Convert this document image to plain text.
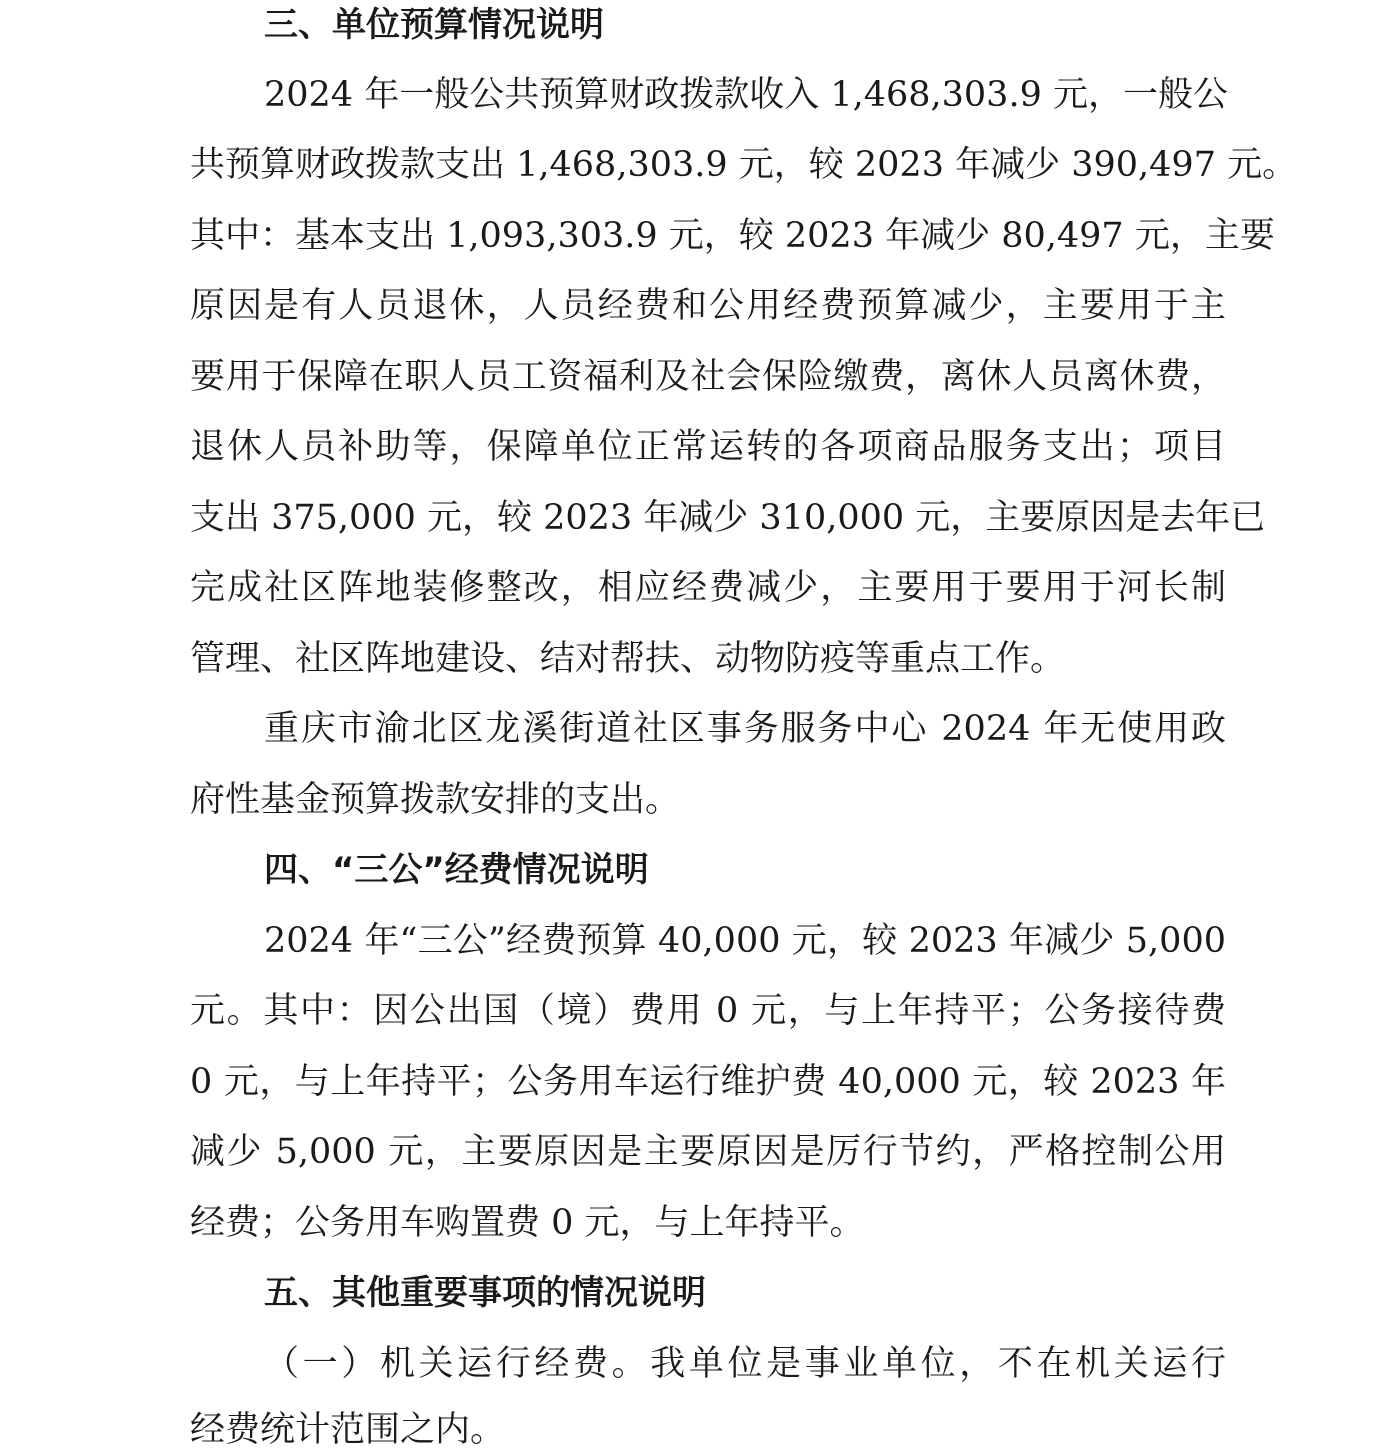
三、单位预算情况说明
2024 年一般公共预算财政拨款收入 1,468,303.9 元，一般公
共预算财政拨款支出 1,468,303.9 元，较 2023 年减少 390,497 元。
其中：基本支出 1,093,303.9 元，较 2023 年减少 80,497 元，主要
原因是有人员退休，人员经费和公用经费预算减少，主要用于主
要用于保障在职人员工资福利及社会保险缴费，离休人员离休费，
退休人员补助等，保障单位正常运转的各项商品服务支出；项目
支出 375,000 元，较 2023 年减少 310,000 元，主要原因是去年已
完成社区阵地装修整改，相应经费减少，主要用于要用于河长制
管理、社区阵地建设、结对帮扶、动物防疫等重点工作。
重庆市渝北区龙溪街道社区事务服务中心 2024 年无使用政
府性基金预算拨款安排的支出。
四、“三公”经费情况说明
2024 年“三公”经费预算 40,000 元，较 2023 年减少 5,000
元。其中：因公出国（境）费用 0 元，与上年持平；公务接待费
0 元，与上年持平；公务用车运行维护费 40,000 元，较 2023 年
减少 5,000 元，主要原因是主要原因是厉行节约，严格控制公用
经费；公务用车购置费 0 元，与上年持平。
五、其他重要事项的情况说明
（一）机关运行经费。我单位是事业单位，不在机关运行
经费统计范围之内。
